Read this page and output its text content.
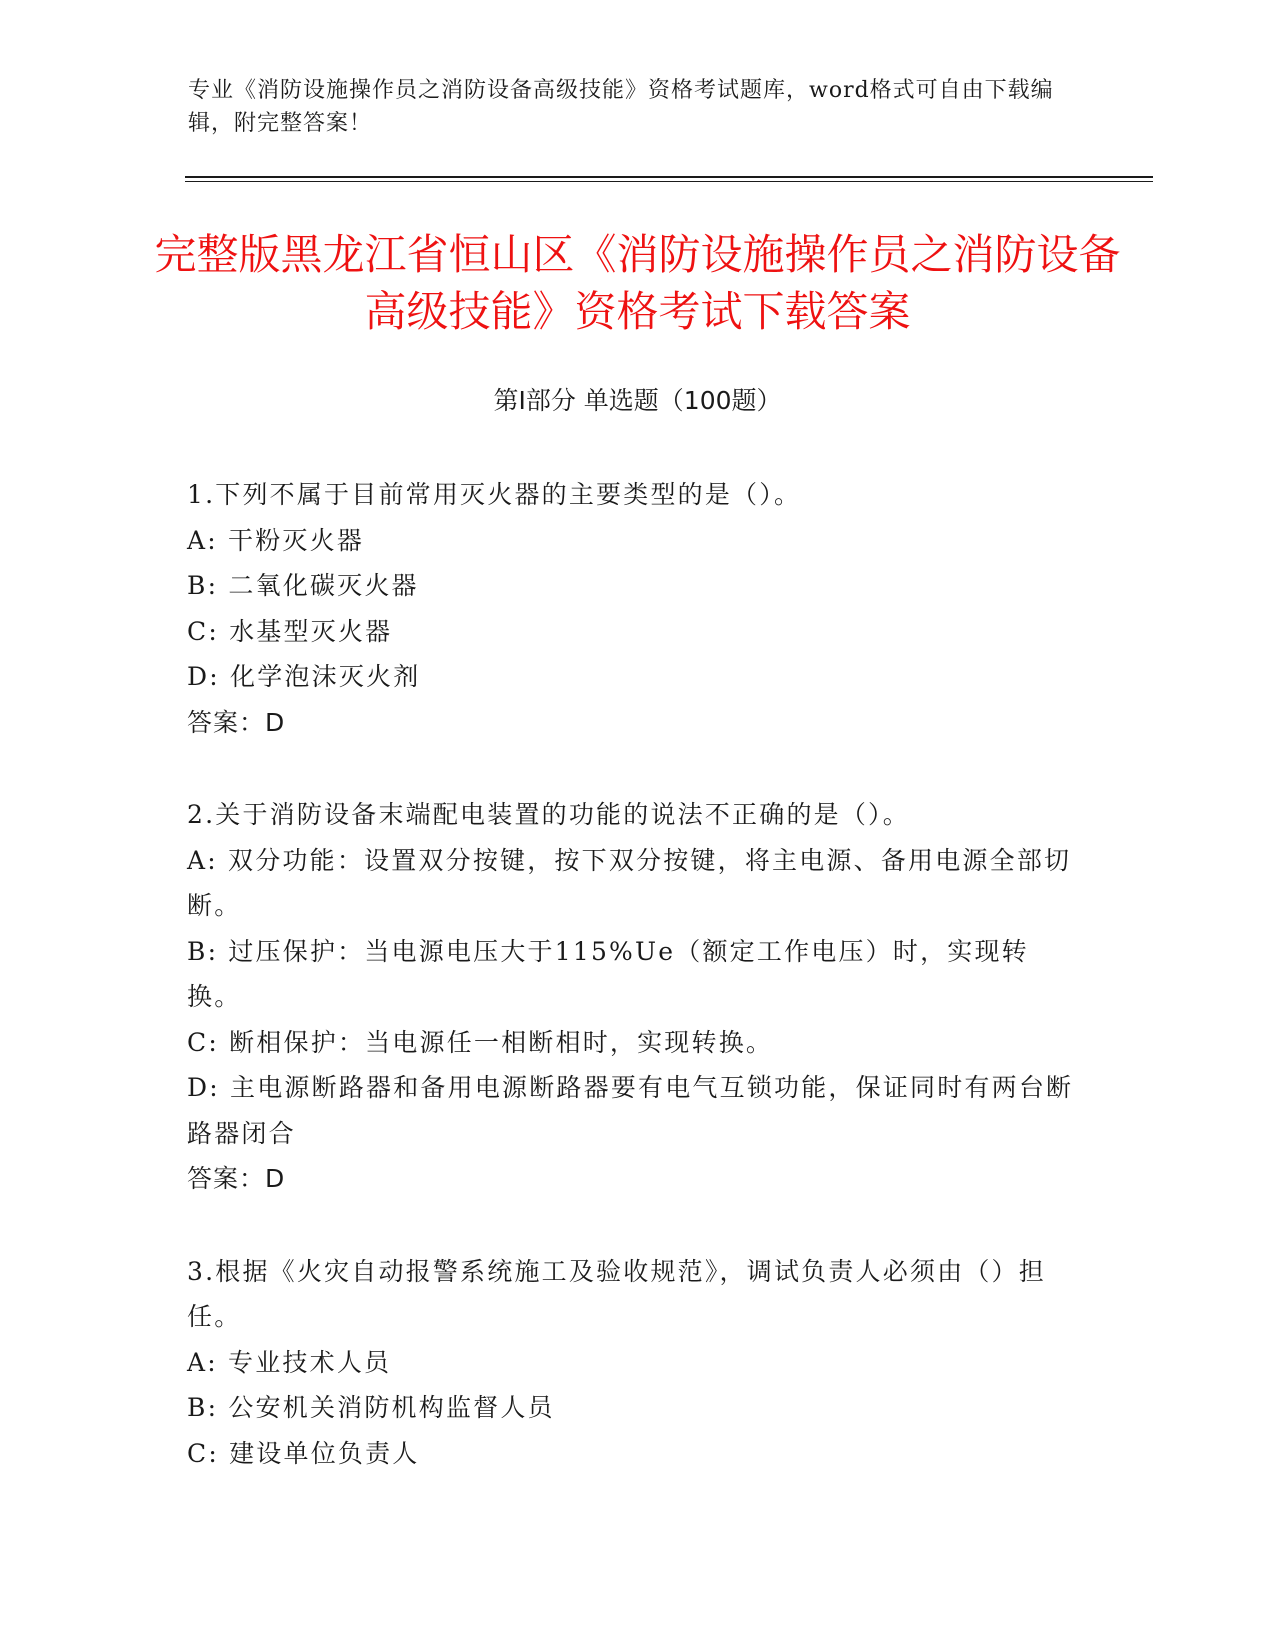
专业《消防设施操作员之消防设备高级技能》资格考试题库，word格式可自由下载编辑，附完整答案！
完整版黑龙江省恒山区《消防设施操作员之消防设备高级技能》资格考试下载答案
第Ⅰ部分 单选题（100题）
1.下列不属于目前常用灭火器的主要类型的是（）。
A: 干粉灭火器
B: 二氧化碳灭火器
C: 水基型灭火器
D: 化学泡沫灭火剂
答案：D
2.关于消防设备末端配电装置的功能的说法不正确的是（）。
A: 双分功能：设置双分按键，按下双分按键，将主电源、备用电源全部切断。
B: 过压保护：当电源电压大于115%Ue（额定工作电压）时，实现转换。
C: 断相保护：当电源任一相断相时，实现转换。
D: 主电源断路器和备用电源断路器要有电气互锁功能，保证同时有两台断路器闭合
答案：D
3.根据《火灾自动报警系统施工及验收规范》，调试负责人必须由（）担任。
A: 专业技术人员
B: 公安机关消防机构监督人员
C: 建设单位负责人
